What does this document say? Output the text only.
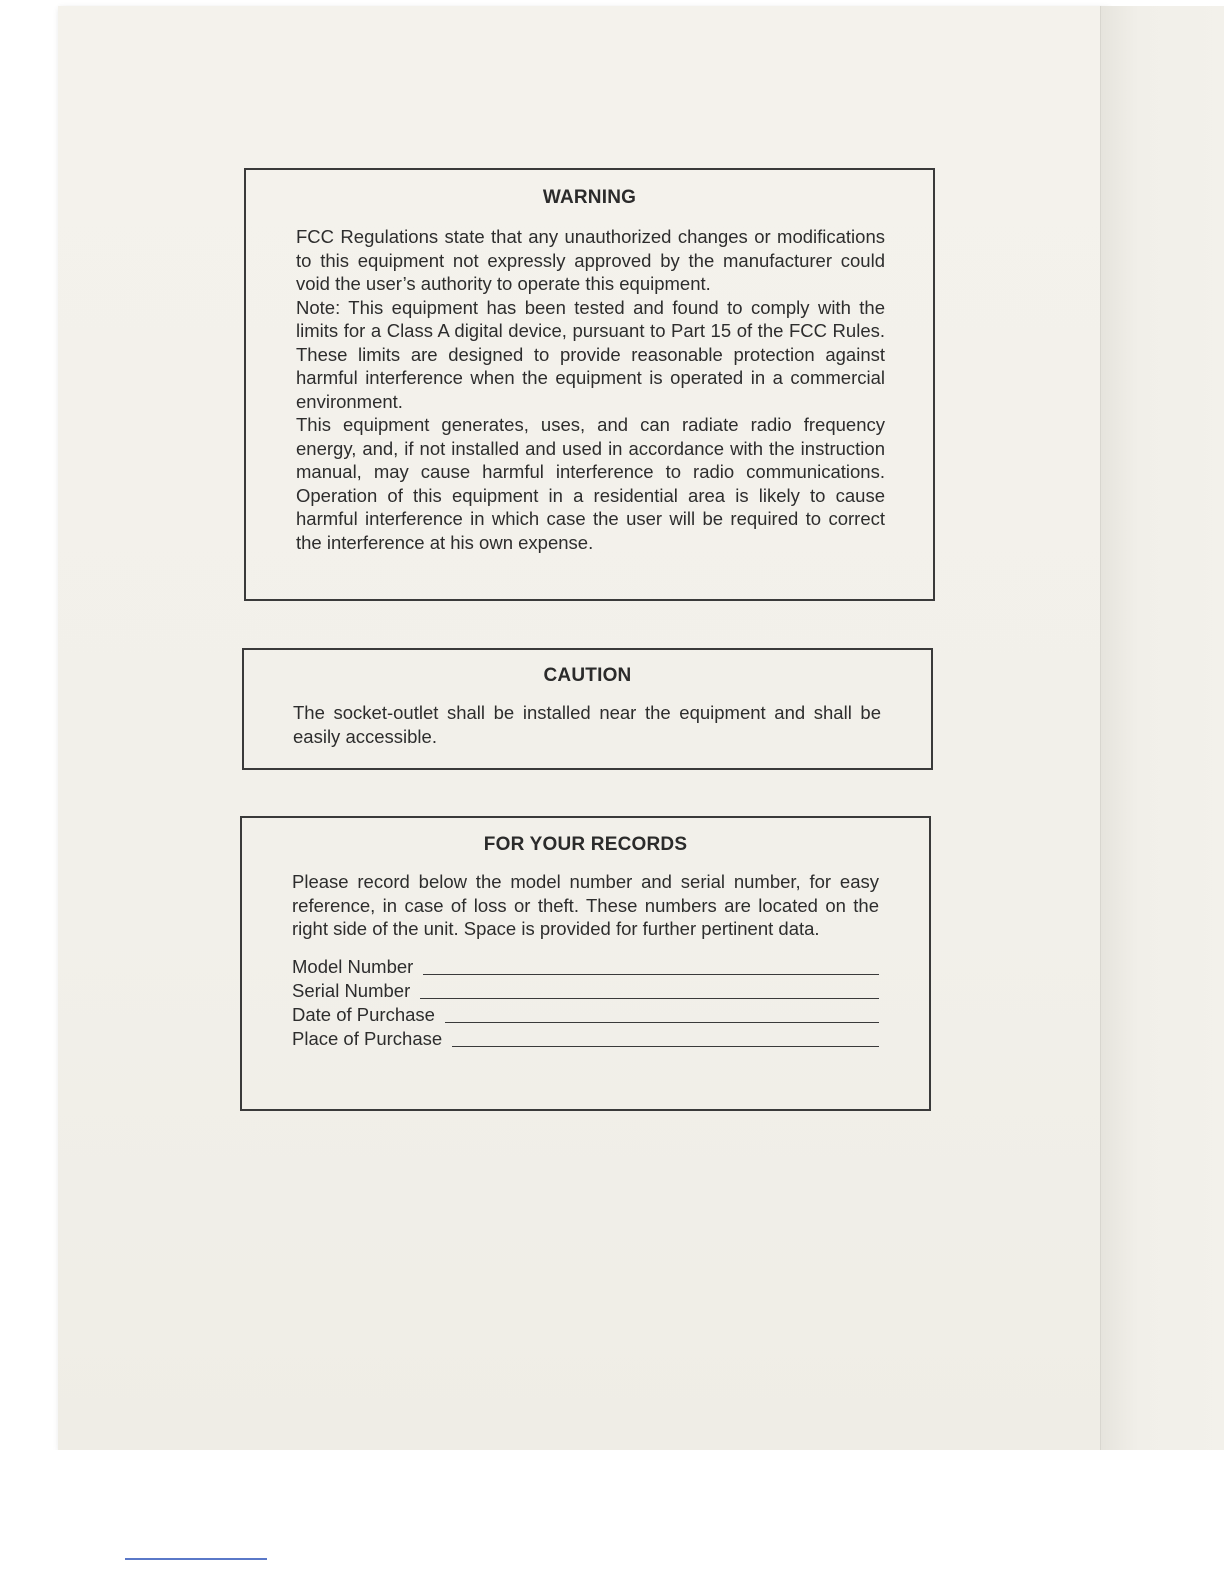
WARNING

FCC Regulations state that any unauthorized changes or modifications to this equipment not expressly approved by the manufacturer could void the user’s authority to operate this equipment.

Note: This equipment has been tested and found to comply with the limits for a Class A digital device, pursuant to Part 15 of the FCC Rules. These limits are designed to provide reasonable protection against harmful interference when the equipment is operated in a commercial environment.

This equipment generates, uses, and can radiate radio frequency energy, and, if not installed and used in accordance with the instruction manual, may cause harmful interference to radio communications. Operation of this equipment in a residential area is likely to cause harmful interference in which case the user will be required to correct the interference at his own expense.

CAUTION

The socket-outlet shall be installed near the equipment and shall be easily accessible.

FOR YOUR RECORDS

Please record below the model number and serial number, for easy reference, in case of loss or theft. These numbers are located on the right side of the unit. Space is provided for further pertinent data.

Model Number
Serial Number
Date of Purchase
Place of Purchase
